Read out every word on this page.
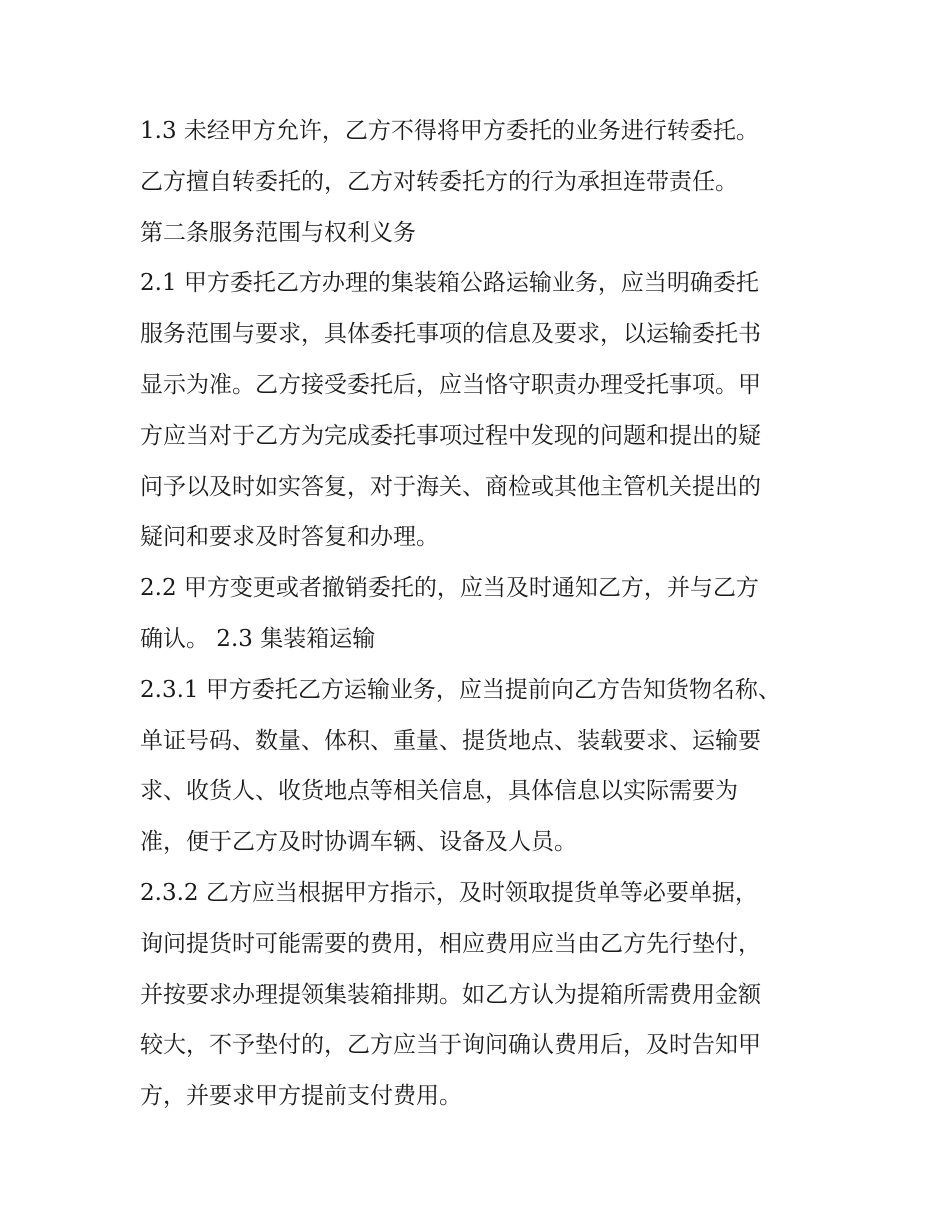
1.3 未经甲方允许，乙方不得将甲方委托的业务进行转委托。
乙方擅自转委托的，乙方对转委托方的行为承担连带责任。
第二条服务范围与权利义务
2.1 甲方委托乙方办理的集装箱公路运输业务，应当明确委托
服务范围与要求，具体委托事项的信息及要求，以运输委托书
显示为准。乙方接受委托后，应当恪守职责办理受托事项。甲
方应当对于乙方为完成委托事项过程中发现的问题和提出的疑
问予以及时如实答复，对于海关、商检或其他主管机关提出的
疑问和要求及时答复和办理。
2.2 甲方变更或者撤销委托的，应当及时通知乙方，并与乙方
确认。 2.3 集装箱运输
2.3.1 甲方委托乙方运输业务，应当提前向乙方告知货物名称、
单证号码、数量、体积、重量、提货地点、装载要求、运输要
求、收货人、收货地点等相关信息，具体信息以实际需要为
准，便于乙方及时协调车辆、设备及人员。
2.3.2 乙方应当根据甲方指示，及时领取提货单等必要单据，
询问提货时可能需要的费用，相应费用应当由乙方先行垫付，
并按要求办理提领集装箱排期。如乙方认为提箱所需费用金额
较大，不予垫付的，乙方应当于询问确认费用后，及时告知甲
方，并要求甲方提前支付费用。
